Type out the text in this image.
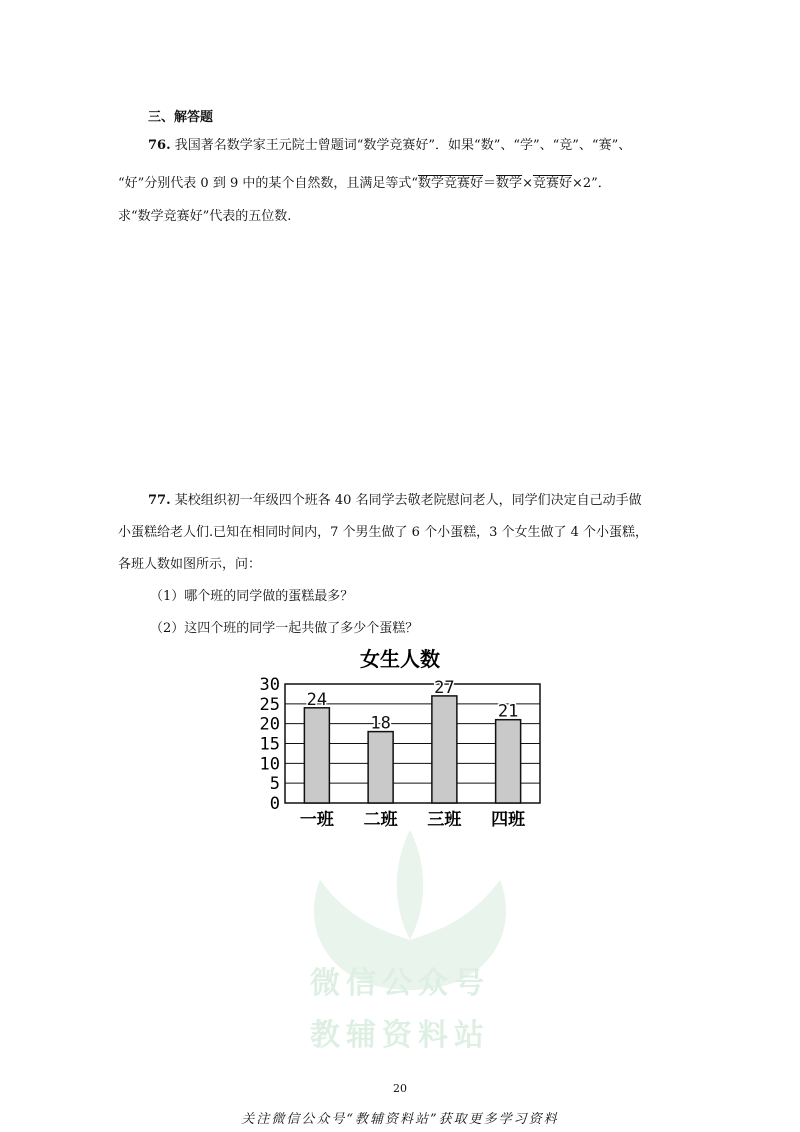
三、解答题
76. 我国著名数学家王元院士曾题词“数学竞赛好”．如果“数”、“学”、“竞”、“赛”、
“好”分别代表 0 到 9 中的某个自然数，且满足等式“数学竞赛好＝数学×竞赛好×2”．
求“数学竞赛好”代表的五位数.
77. 某校组织初一年级四个班各 40 名同学去敬老院慰问老人，同学们决定自己动手做
小蛋糕给老人们.已知在相同时间内，7 个男生做了 6 个小蛋糕，3 个女生做了 4 个小蛋糕，
各班人数如图所示，问：
（1）哪个班的同学做的蛋糕最多？
（2）这四个班的同学一起共做了多少个蛋糕？
微信公众号
教辅资料站
女生人数
0
5
10
15
20
25
30
24
18
27
21
一班 二班 三班 四班
20
关注微信公众号“教辅资料站”获取更多学习资料
